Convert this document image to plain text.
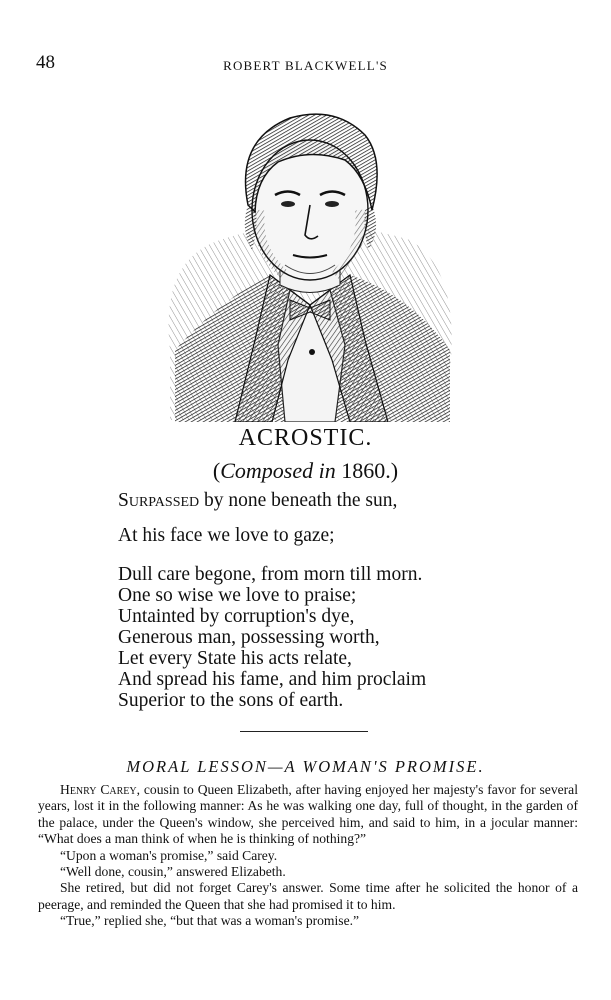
48	ROBERT BLACKWELL'S
ACROSTIC.
(Composed in 1860.)
Surpassed by none beneath the sun,
At his face we love to gaze;
Dull care begone, from morn till morn.
One so wise we love to praise;
Untainted by corruption's dye,
Generous man, possessing worth,
Let every State his acts relate,
And spread his fame, and him proclaim
Superior to the sons of earth.
MORAL LESSON—A WOMAN'S PROMISE.

Henry Carey, cousin to Queen Elizabeth, after having enjoyed her majesty's favor for several years, lost it in the following manner: As he was walking one day, full of thought, in the garden of the palace, under the Queen's window, she perceived him, and said to him, in a jocular manner: “What does a man think of when he is thinking of nothing?”

“Upon a woman's promise,” said Carey.

“Well done, cousin,” answered Elizabeth.

She retired, but did not forget Carey's answer. Some time after he solicited the honor of a peerage, and reminded the Queen that she had promised it to him.

“True,” replied she, “but that was a woman's promise.”
